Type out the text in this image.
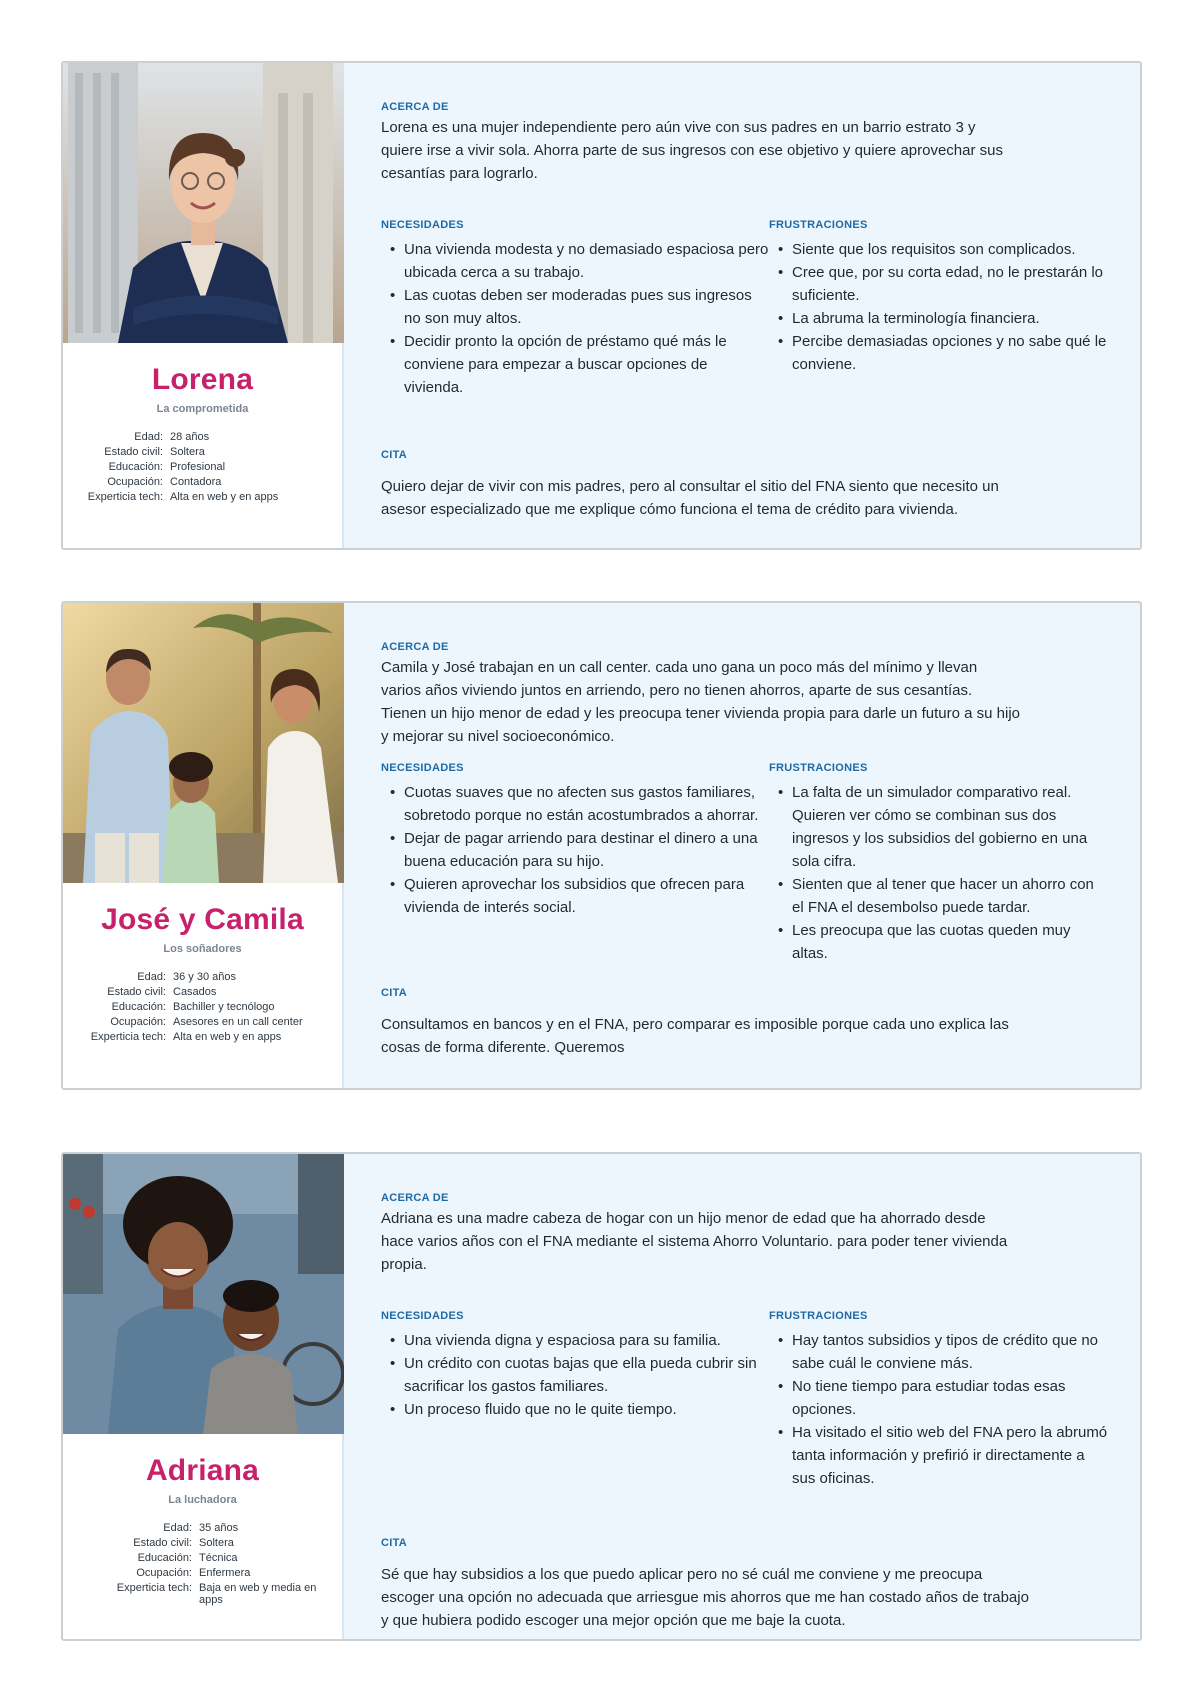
Lorena
La comprometida
Edad: 28 años
Estado civil: Soltera
Educación: Profesional
Ocupación: Contadora
Experticia tech: Alta en web y en apps
ACERCA DE

Lorena es una mujer independiente pero aún vive con sus padres en un barrio estrato 3 y quiere irse a vivir sola. Ahorra parte de sus ingresos con ese objetivo y quiere aprovechar sus cesantías para lograrlo.

NECESIDADES
• Una vivienda modesta y no demasiado espaciosa pero ubicada cerca a su trabajo.
• Las cuotas deben ser moderadas pues sus ingresos no son muy altos.
• Decidir pronto la opción de préstamo qué más le conviene para empezar a buscar opciones de vivienda.
FRUSTRACIONES
• Siente que los requisitos son complicados.
• Cree que, por su corta edad, no le prestarán lo suficiente.
• La abruma la terminología financiera.
• Percibe demasiadas opciones y no sabe qué le conviene.
CITA

Quiero dejar de vivir con mis padres, pero al consultar el sitio del FNA siento que necesito un asesor especializado que me explique cómo funciona el tema de crédito para vivienda.

José y Camila
Los soñadores
Edad: 36 y 30 años
Estado civil: Casados
Educación: Bachiller y tecnólogo
Ocupación: Asesores en un call center
Experticia tech: Alta en web y en apps
ACERCA DE

Camila y José trabajan en un call center. cada uno gana un poco más del mínimo y llevan varios años viviendo juntos en arriendo, pero no tienen ahorros, aparte de sus cesantías. Tienen un hijo menor de edad y les preocupa tener vivienda propia para darle un futuro a su hijo y mejorar su nivel socioeconómico.

NECESIDADES
• Cuotas suaves que no afecten sus gastos familiares, sobretodo porque no están acostumbrados a ahorrar.
• Dejar de pagar arriendo para destinar el dinero a una buena educación para su hijo.
• Quieren aprovechar los subsidios que ofrecen para vivienda de interés social.
FRUSTRACIONES
• La falta de un simulador comparativo real. Quieren ver cómo se combinan sus dos ingresos y los subsidios del gobierno en una sola cifra.
• Sienten que al tener que hacer un ahorro con el FNA el desembolso puede tardar.
• Les preocupa que las cuotas queden muy altas.
CITA

Consultamos en bancos y en el FNA, pero comparar es imposible porque cada uno explica las cosas de forma diferente. Queremos

Adriana
La luchadora
Edad: 35 años
Estado civil: Soltera
Educación: Técnica
Ocupación: Enfermera
Experticia tech: Baja en web y media en apps
ACERCA DE

Adriana es una madre cabeza de hogar con un hijo menor de edad que ha ahorrado desde hace varios años con el FNA mediante el sistema Ahorro Voluntario. para poder tener vivienda propia.

NECESIDADES
• Una vivienda digna y espaciosa para su familia.
• Un crédito con cuotas bajas que ella pueda cubrir sin sacrificar los gastos familiares.
• Un proceso fluido que no le quite tiempo.
FRUSTRACIONES
• Hay tantos subsidios y tipos de crédito que no sabe cuál le conviene más.
• No tiene tiempo para estudiar todas esas opciones.
• Ha visitado el sitio web del FNA pero la abrumó tanta información y prefirió ir directamente a sus oficinas.
CITA

Sé que hay subsidios a los que puedo aplicar pero no sé cuál me conviene y me preocupa escoger una opción no adecuada que arriesgue mis ahorros que me han costado años de trabajo y que hubiera podido escoger una mejor opción que me baje la cuota.
